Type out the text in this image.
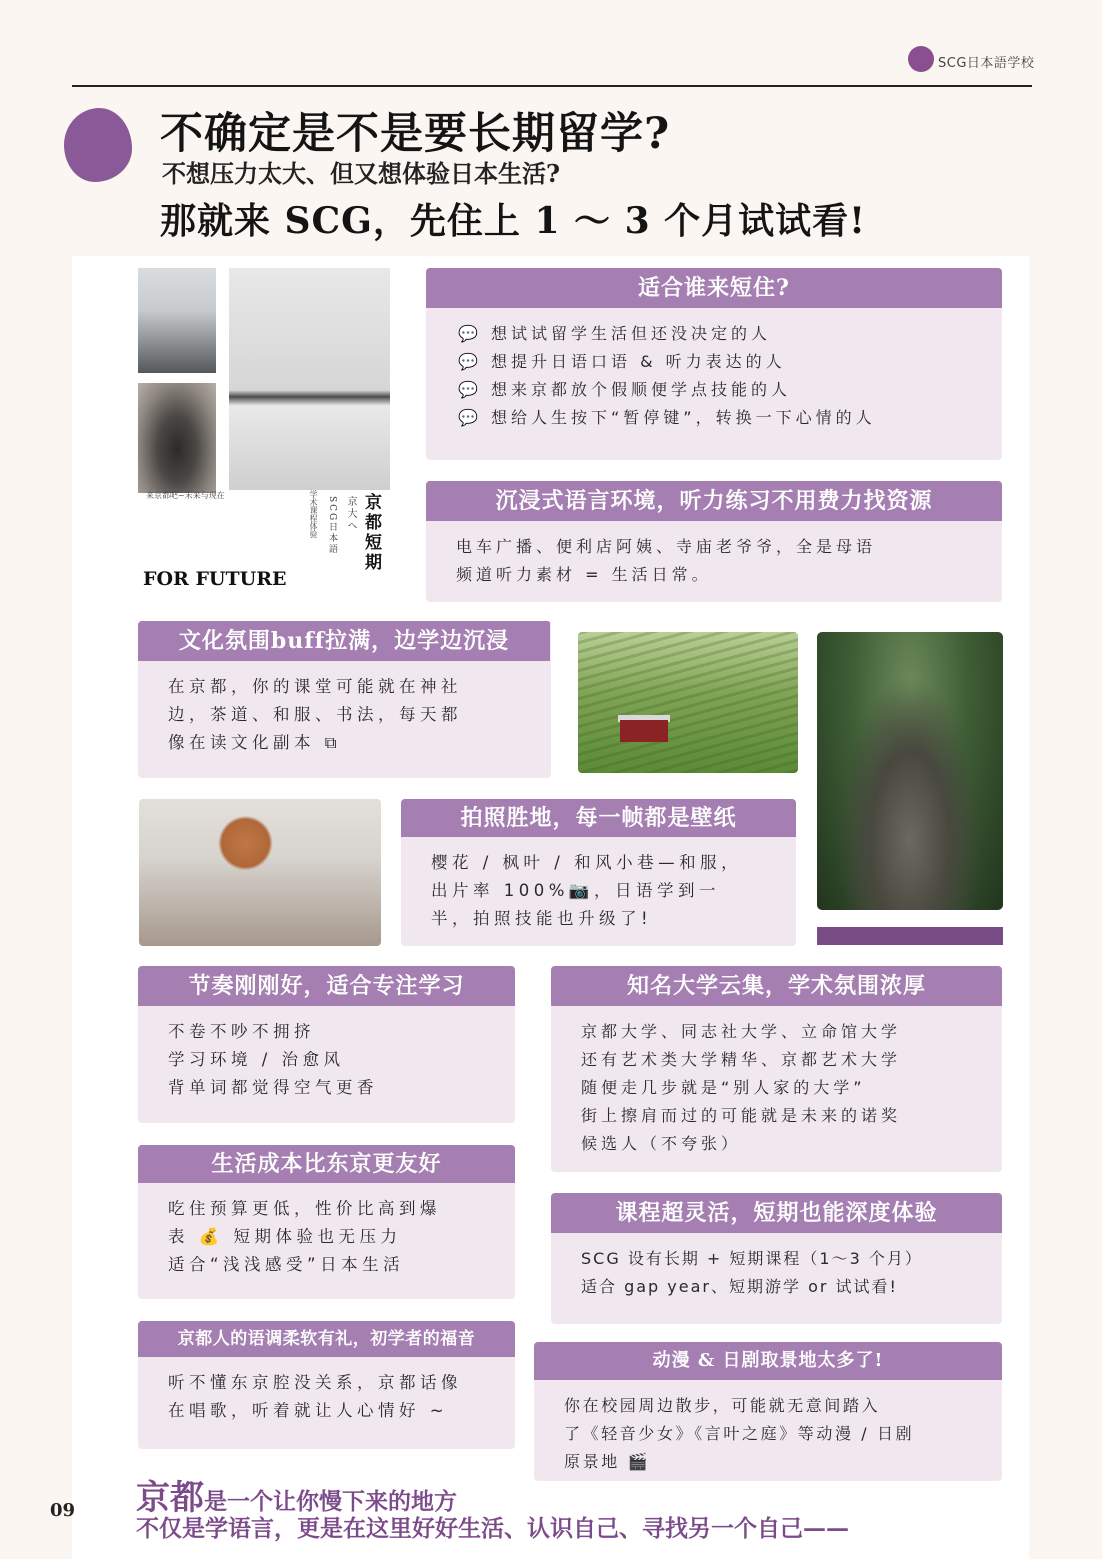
SCG日本語学校
不确定是不是要长期留学?
不想压力太大、但又想体验日本生活?
那就来 SCG，先住上 1 ～ 3 个月试试看!
来京都吧~未来与现在	学术课程体验 SCG日本語 京大へ 京都短期
FOR FUTURE
适合谁来短住?
💬 想试试留学生活但还没决定的人
💬 想提升日语口语 & 听力表达的人
💬 想来京都放个假顺便学点技能的人
💬 想给人生按下“暂停键”，转换一下心情的人
沉浸式语言环境，听力练习不用费力找资源
电车广播、便利店阿姨、寺庙老爷爷，全是母语
频道听力素材 = 生活日常。
文化氛围buff拉满，边学边沉浸
在京都，你的课堂可能就在神社
边，茶道、和服、书法，每天都
像在读文化副本 ⧉
拍照胜地，每一帧都是壁纸
樱花 / 枫叶 / 和风小巷—和服，
出片率 100%📷，日语学到一
半，拍照技能也升级了!
节奏刚刚好，适合专注学习
不卷不吵不拥挤
学习环境 / 治愈风
背单词都觉得空气更香
知名大学云集，学术氛围浓厚
京都大学、同志社大学、立命馆大学
还有艺术类大学精华、京都艺术大学
随便走几步就是“别人家的大学”
街上擦肩而过的可能就是未来的诺奖
候选人（不夸张）
生活成本比东京更友好
吃住预算更低，性价比高到爆
表 💰 短期体验也无压力
适合“浅浅感受”日本生活
课程超灵活，短期也能深度体验
SCG 设有长期 + 短期课程（1～3 个月）
适合 gap year、短期游学 or 试试看!
京都人的语调柔软有礼，初学者的福音
听不懂东京腔没关系，京都话像
在唱歌，听着就让人心情好 ~
动漫 & 日剧取景地太多了!
你在校园周边散步，可能就无意间踏入
了《轻音少女》《言叶之庭》等动漫 / 日剧
原景地 🎬
09 京都是一个让你慢下来的地方
不仅是学语言，更是在这里好好生活、认识自己、寻找另一个自己——
